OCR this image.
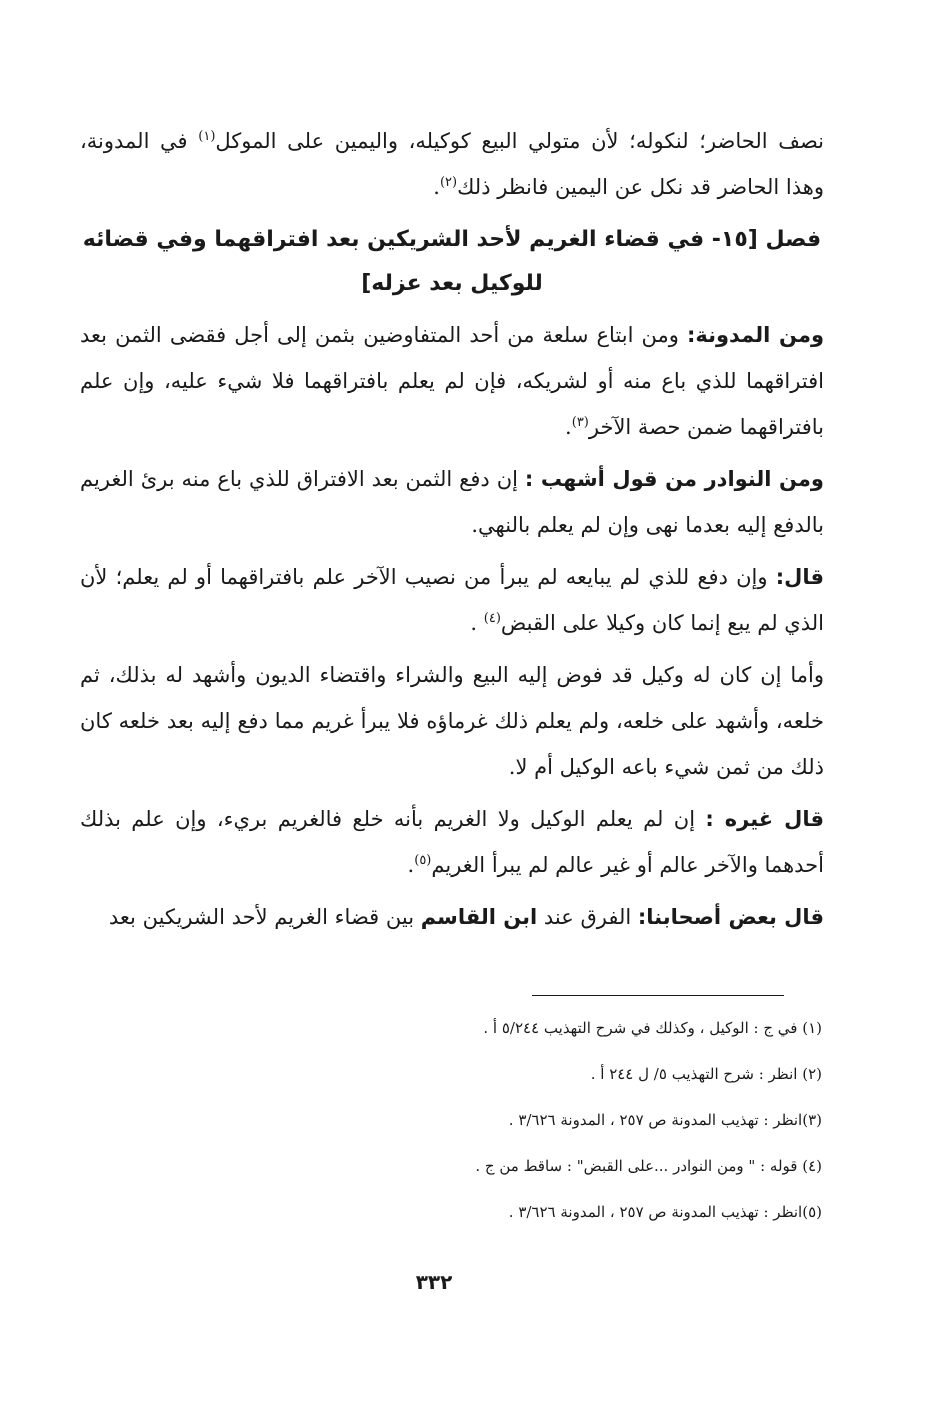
نصف الحاضر؛ لنكوله؛ لأن متولي البيع كوكيله، واليمين على الموكل$^{(١)}$ في المدونة، وهذا الحاضر قد نكل عن اليمين فانظر ذلك$^{(٢)}$.

فصل [١٥- في قضاء الغريم لأحد الشريكين بعد افتراقهما وفي قضائه للوكيل بعد عزله]

ومن المدونة: ومن ابتاع سلعة من أحد المتفاوضين بثمن إلى أجل فقضى الثمن بعد افتراقهما للذي باع منه أو لشريكه، فإن لم يعلم بافتراقهما فلا شيء عليه، وإن علم بافتراقهما ضمن حصة الآخر$^{(٣)}$.

ومن النوادر من قول أشهب : إن دفع الثمن بعد الافتراق للذي باع منه برئ الغريم بالدفع إليه بعدما نهى وإن لم يعلم بالنهي.

قال: وإن دفع للذي لم يبايعه لم يبرأ من نصيب الآخر علم بافتراقهما أو لم يعلم؛ لأن الذي لم يبع إنما كان وكيلا على القبض$^{(٤)}$ .

وأما إن كان له وكيل قد فوض إليه البيع والشراء واقتضاء الديون وأشهد له بذلك، ثم خلعه، وأشهد على خلعه، ولم يعلم ذلك غرماؤه فلا يبرأ غريم مما دفع إليه بعد خلعه كان ذلك من ثمن شيء باعه الوكيل أم لا.

قال غيره : إن لم يعلم الوكيل ولا الغريم بأنه خلع فالغريم بريء، وإن علم بذلك أحدهما والآخر عالم أو غير عالم لم يبرأ الغريم$^{(٥)}$.

قال بعض أصحابنا: الفرق عند ابن القاسم بين قضاء الغريم لأحد الشريكين بعد

(١) في ج : الوكيل ، وكذلك في شرح التهذيب ٥/٢٤٤ أ .

(٢) انظر : شرح التهذيب ٥/ ل ٢٤٤ أ .

(٣)انظر : تهذيب المدونة ص ٢٥٧ ، المدونة ٣/٦٢٦ .

(٤) قوله : " ومن النوادر ...على القبض" : ساقط من ج .

(٥)انظر : تهذيب المدونة ص ٢٥٧ ، المدونة ٣/٦٢٦ .

٣٣٢
